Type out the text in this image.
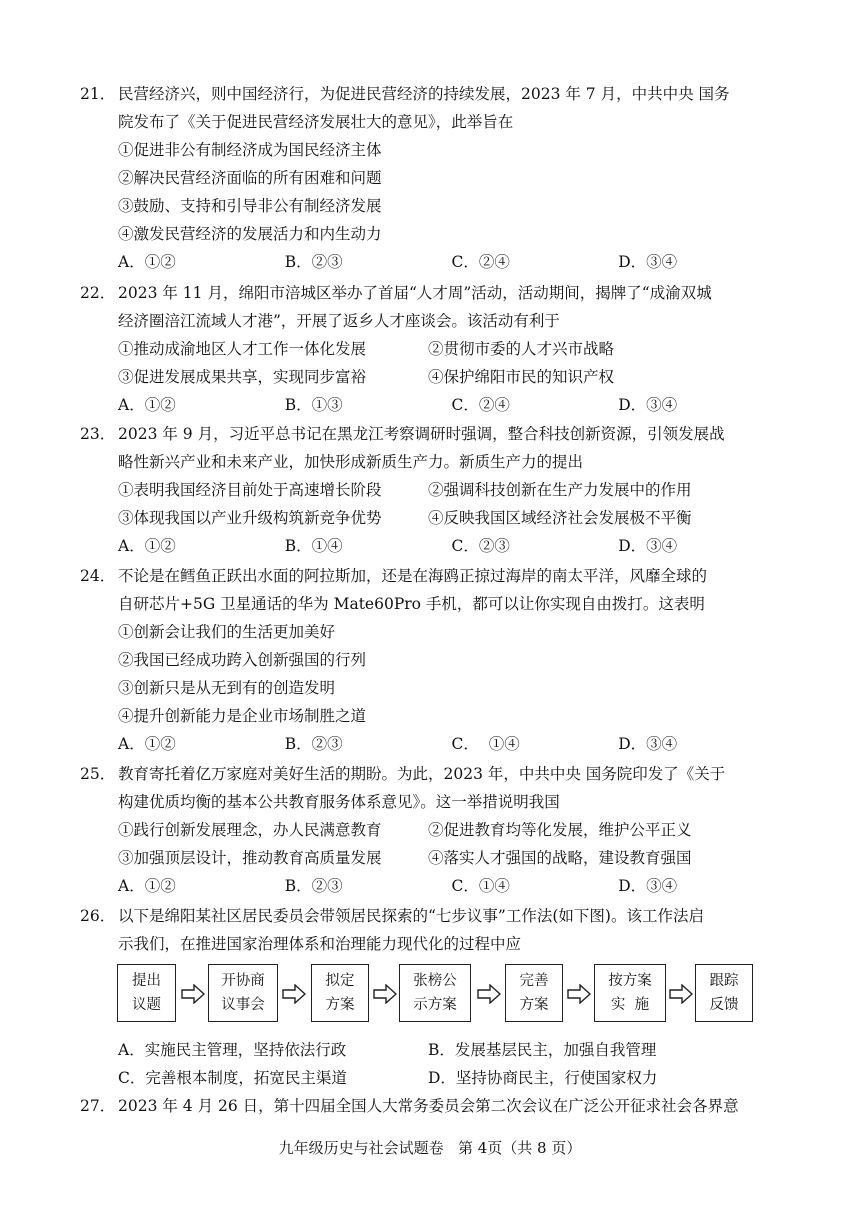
21． 民营经济兴，则中国经济行，为促进民营经济的持续发展，2023 年 7 月，中共中央 国务
院发布了《关于促进民营经济发展壮大的意见》，此举旨在
①促进非公有制经济成为国民经济主体
②解决民营经济面临的所有困难和问题
③鼓励、支持和引导非公有制经济发展
④激发民营经济的发展活力和内生动力
A．①②	B．②③	C．②④	D．③④
22． 2023 年 11 月，绵阳市涪城区举办了首届“人才周”活动，活动期间，揭牌了“成渝双城
经济圈涪江流域人才港”，开展了返乡人才座谈会。该活动有利于
①推动成渝地区人才工作一体化发展	②贯彻市委的人才兴市战略
③促进发展成果共享，实现同步富裕	④保护绵阳市民的知识产权
A．①②	B．①③	C．②④	D．③④
23． 2023 年 9 月，习近平总书记在黑龙江考察调研时强调，整合科技创新资源，引领发展战
略性新兴产业和未来产业，加快形成新质生产力。新质生产力的提出
①表明我国经济目前处于高速增长阶段	②强调科技创新在生产力发展中的作用
③体现我国以产业升级构筑新竞争优势	④反映我国区域经济社会发展极不平衡
A．①②	B．①④	C．②③	D．③④
24． 不论是在鳕鱼正跃出水面的阿拉斯加，还是在海鸥正掠过海岸的南太平洋，风靡全球的
自研芯片+5G 卫星通话的华为 Mate60Pro 手机，都可以让你实现自由拨打。这表明
①创新会让我们的生活更加美好
②我国已经成功跨入创新强国的行列
③创新只是从无到有的创造发明
④提升创新能力是企业市场制胜之道
A．①②	B．②③	C．  ①④	D．③④
25． 教育寄托着亿万家庭对美好生活的期盼。为此，2023 年，中共中央 国务院印发了《关于
构建优质均衡的基本公共教育服务体系意见》。这一举措说明我国
①践行创新发展理念，办人民满意教育	②促进教育均等化发展，维护公平正义
③加强顶层设计，推动教育高质量发展	④落实人才强国的战略，建设教育强国
A．①②	B．②③	C．①④	D．③④
26． 以下是绵阳某社区居民委员会带领居民探索的“七步议事”工作法(如下图)。该工作法启
示我们，在推进国家治理体系和治理能力现代化的过程中应
提出
议题
开协商
议事会
拟定
方案
张榜公
示方案
完善
方案
按方案
实  施
跟踪
反馈
A．实施民主管理，坚持依法行政	B．发展基层民主，加强自我管理
C．完善根本制度，拓宽民主渠道	D．坚持协商民主，行使国家权力
27． 2023 年 4 月 26 日，第十四届全国人大常务委员会第二次会议在广泛公开征求社会各界意
九年级历史与社会试题卷   第 4页（共 8 页）
